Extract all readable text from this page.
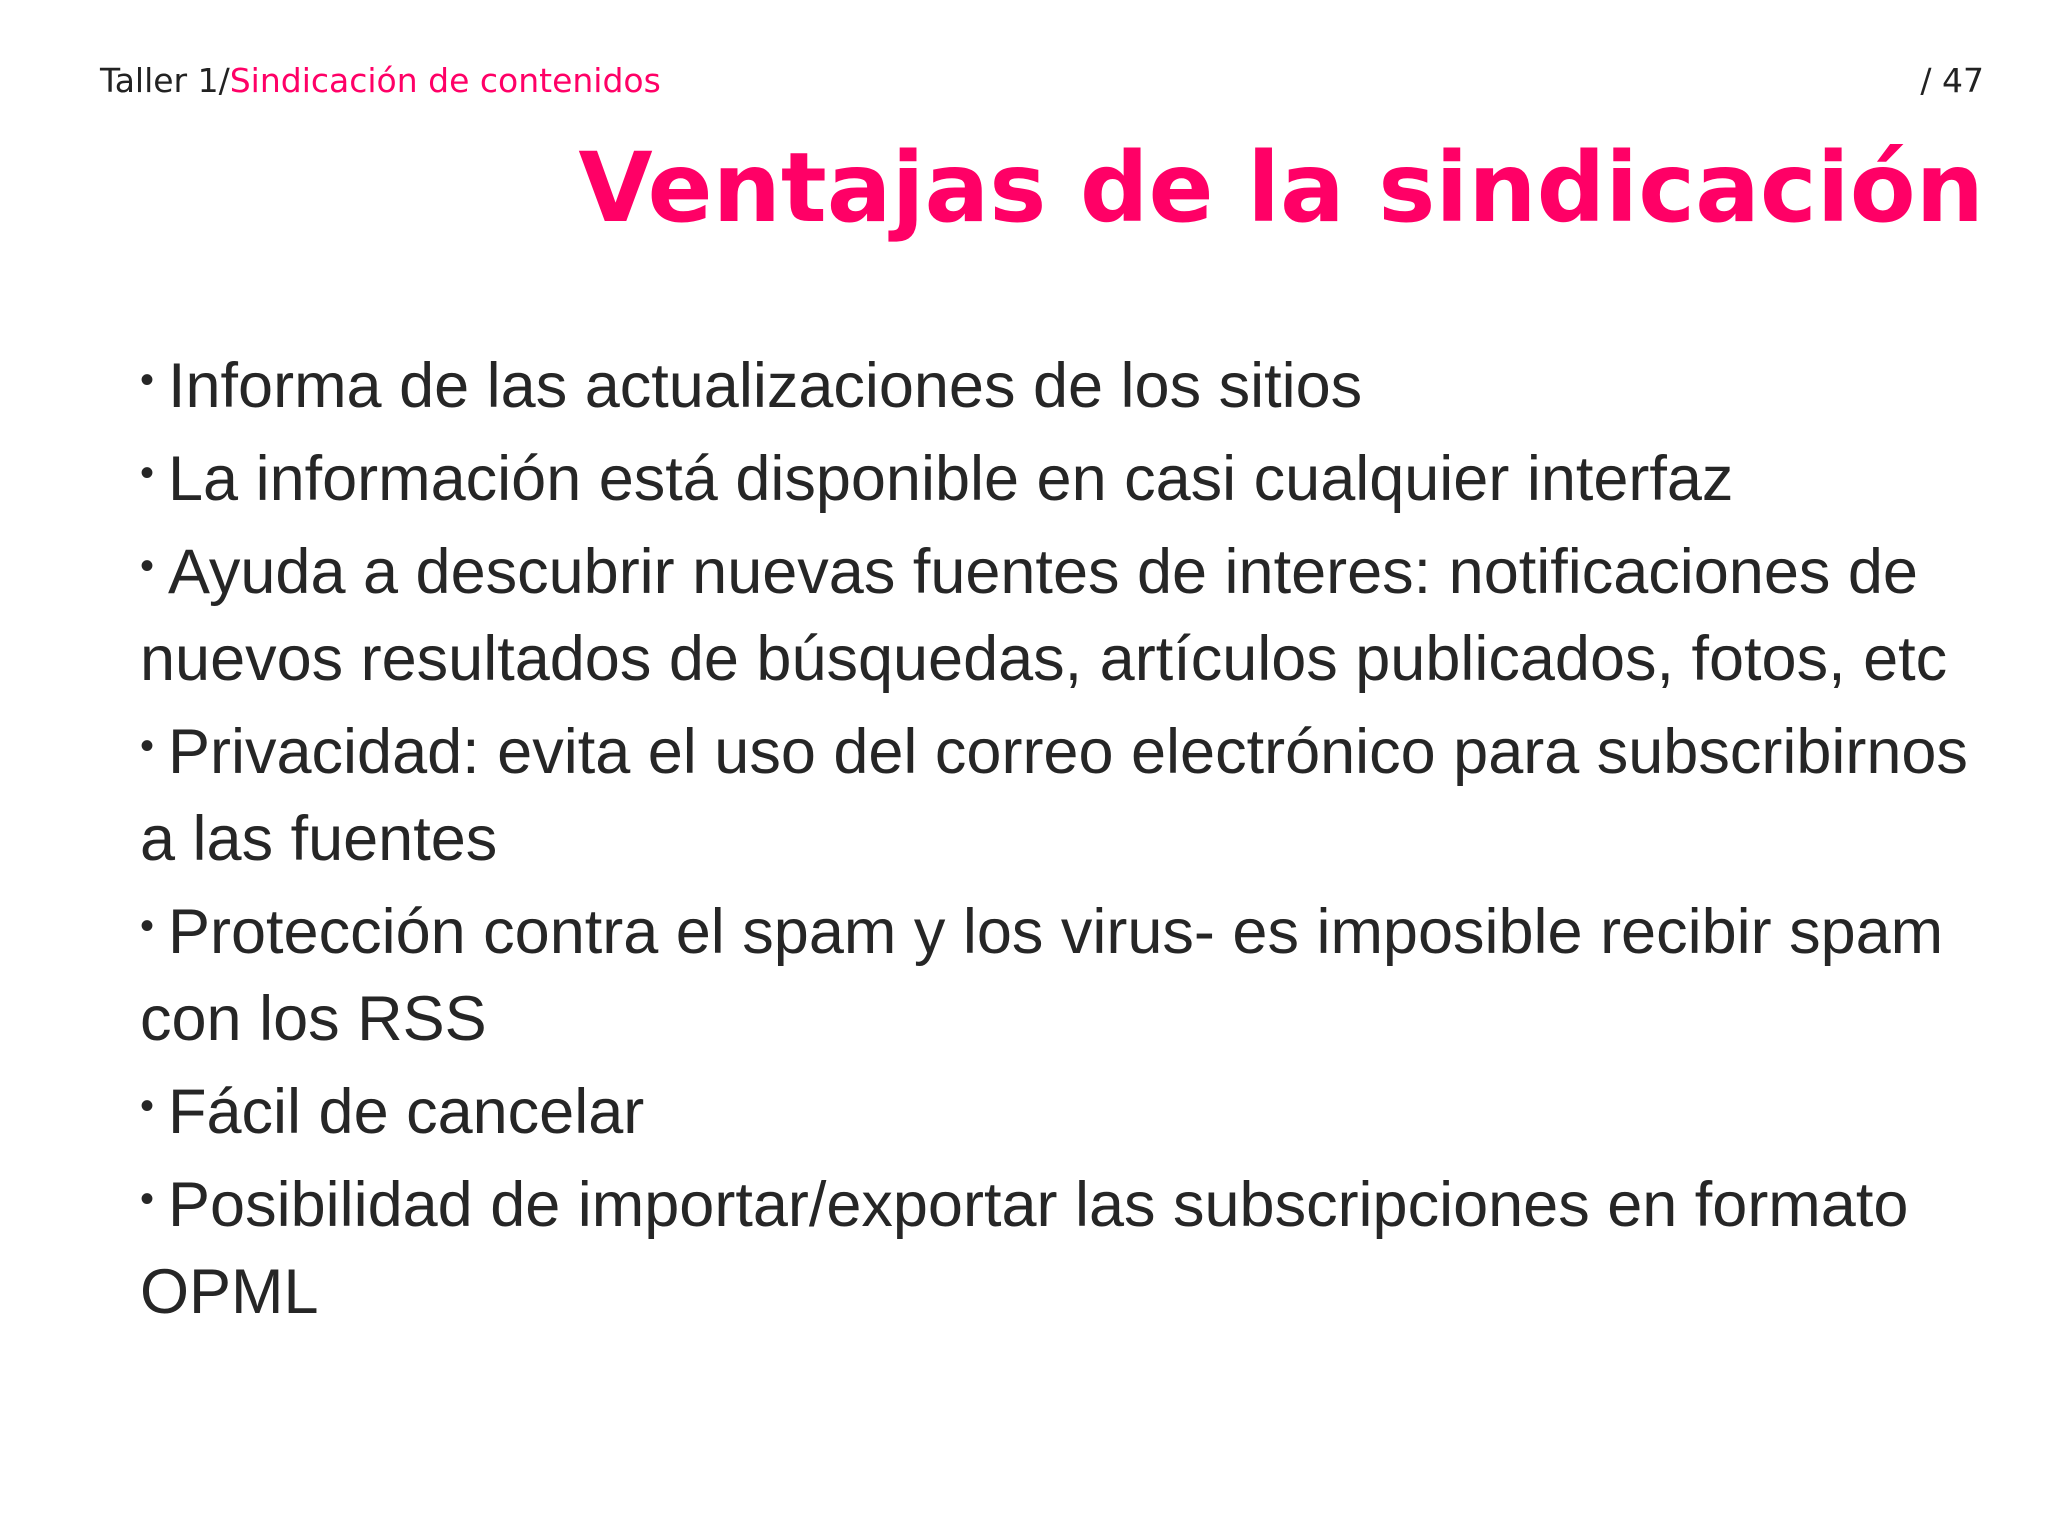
Taller 1/Sindicación de contenidos	/ 47
Ventajas de la sindicación
• Informa de las actualizaciones de los sitios
• La información está disponible en casi cualquier interfaz
• Ayuda a descubrir nuevas fuentes de interes: notificaciones de nuevos resultados de búsquedas, artículos publicados, fotos, etc
• Privacidad: evita el uso del correo electrónico para subscribirnos a las fuentes
• Protección contra el spam y los virus- es imposible recibir spam con los RSS
• Fácil de cancelar
• Posibilidad de importar/exportar las subscripciones en formato OPML
